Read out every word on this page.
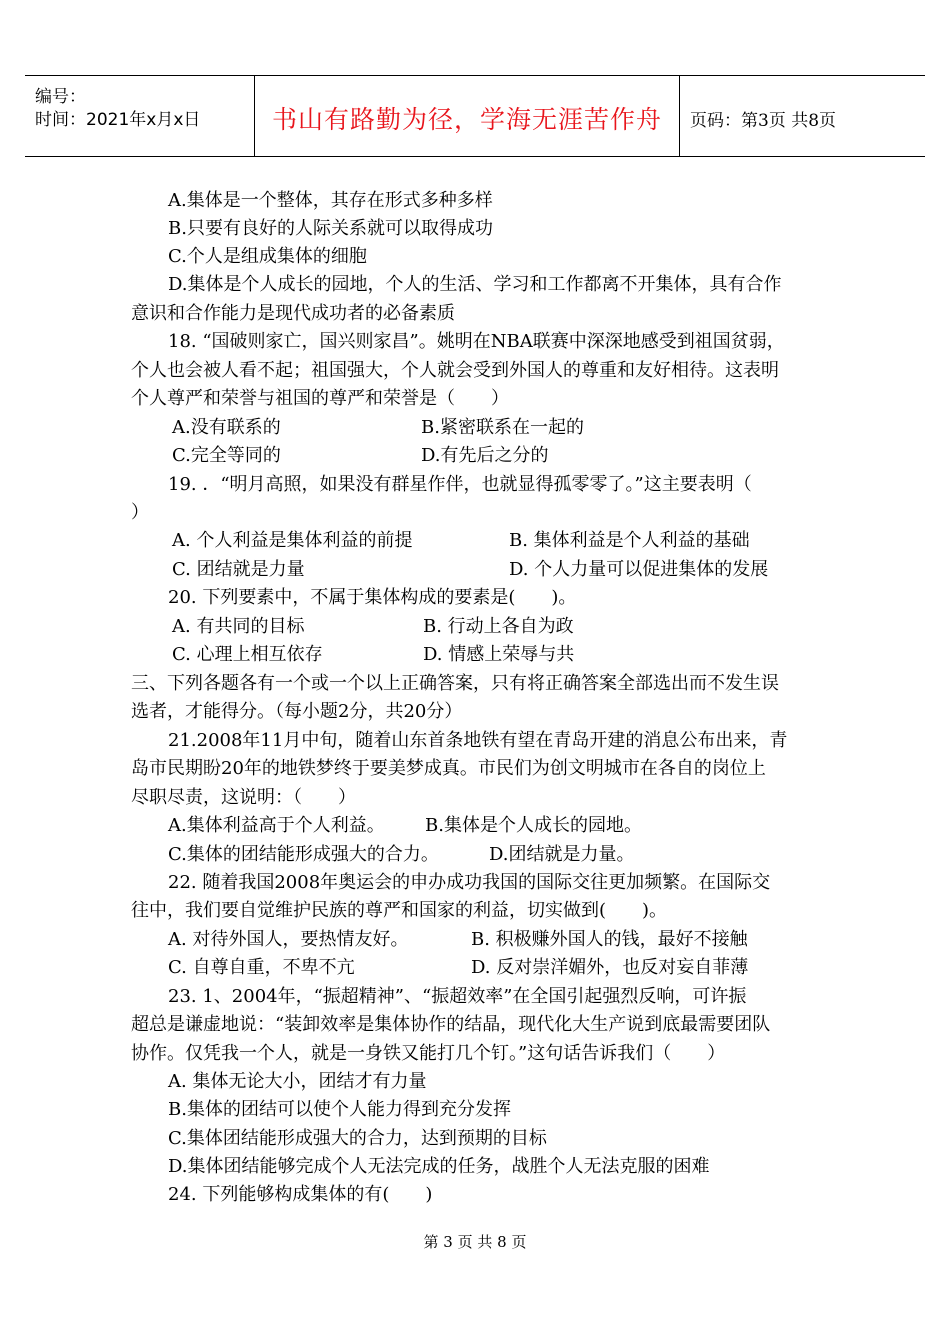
编号：
时间：2021年x月x日	书山有路勤为径，学海无涯苦作舟	页码：第3页 共8页
A.集体是一个整体，其存在形式多种多样
B.只要有良好的人际关系就可以取得成功
C.个人是组成集体的细胞
D.集体是个人成长的园地，个人的生活、学习和工作都离不开集体，具有合作
意识和合作能力是现代成功者的必备素质
18. “国破则家亡，国兴则家昌”。姚明在NBA联赛中深深地感受到祖国贫弱，
个人也会被人看不起；祖国强大，个人就会受到外国人的尊重和友好相待。这表明
个人尊严和荣誉与祖国的尊严和荣誉是（　　）
A.没有联系的	B.紧密联系在一起的
C.完全等同的	D.有先后之分的
19. ．“明月高照，如果没有群星作伴，也就显得孤零零了。”这主要表明（
）
A. 个人利益是集体利益的前提	B. 集体利益是个人利益的基础
C. 团结就是力量	D. 个人力量可以促进集体的发展
20. 下列要素中，不属于集体构成的要素是(　　)。
A. 有共同的目标	B. 行动上各自为政
C. 心理上相互依存	D. 情感上荣辱与共
三、下列各题各有一个或一个以上正确答案，只有将正确答案全部选出而不发生误
选者，才能得分。（每小题2分，共20分）
21.2008年11月中旬，随着山东首条地铁有望在青岛开建的消息公布出来，青
岛市民期盼20年的地铁梦终于要美梦成真。市民们为创文明城市在各自的岗位上
尽职尽责，这说明：（　　）
A.集体利益高于个人利益。 B.集体是个人成长的园地。
C.集体的团结能形成强大的合力。	D.团结就是力量。
22. 随着我国2008年奥运会的申办成功我国的国际交往更加频繁。在国际交
往中，我们要自觉维护民族的尊严和国家的利益，切实做到(　　)。
A. 对待外国人，要热情友好。	B. 积极赚外国人的钱，最好不接触
C. 自尊自重，不卑不亢	D. 反对崇洋媚外，也反对妄自菲薄
23. 1、2004年，“振超精神”、“振超效率”在全国引起强烈反响，可许振
超总是谦虚地说：“装卸效率是集体协作的结晶，现代化大生产说到底最需要团队
协作。仅凭我一个人，就是一身铁又能打几个钉。”这句话告诉我们（　　）
A. 集体无论大小，团结才有力量
B.集体的团结可以使个人能力得到充分发挥
C.集体团结能形成强大的合力，达到预期的目标
D.集体团结能够完成个人无法完成的任务，战胜个人无法克服的困难
24. 下列能够构成集体的有(　　)
第 3 页 共 8 页
